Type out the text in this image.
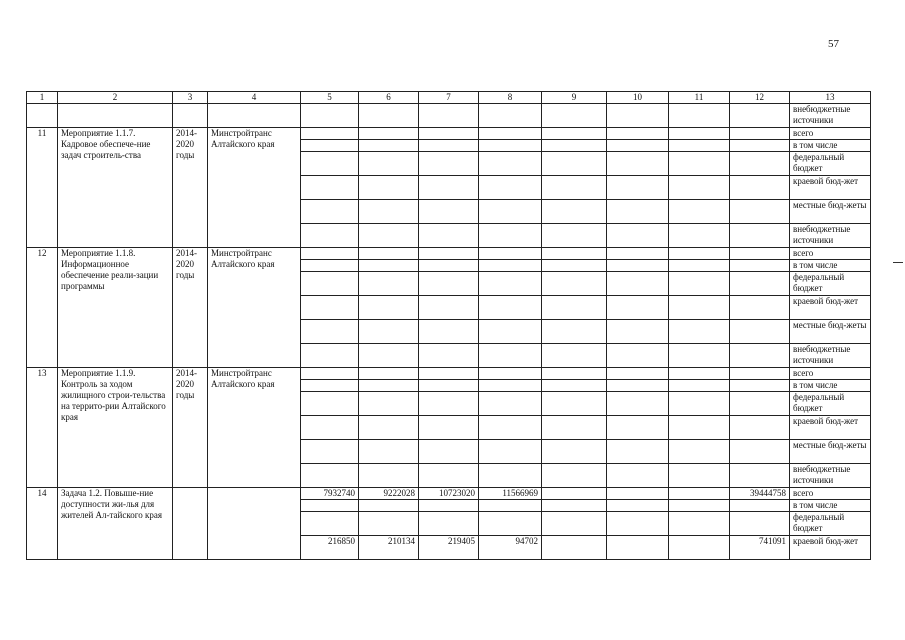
57
1	2	3	4	5	6	7	8	9	10	11	12	13
												внебюджетные источники
11	Мероприятие 1.1.7. Кадровое обеспече-ние задач строитель-ства	2014-2020 годы	Минстройтранс Алтайского края									всего
												в том числе
												федеральный бюджет
												краевой бюд-жет
												местные бюд-жеты
												внебюджетные источники
12	Мероприятие 1.1.8. Информационное обеспечение реали-зации программы	2014-2020 годы	Минстройтранс Алтайского края									всего
												в том числе
												федеральный бюджет
												краевой бюд-жет
												местные бюд-жеты
												внебюджетные источники
13	Мероприятие 1.1.9. Контроль за ходом жилищного строи-тельства на террито-рии Алтайского края	2014-2020 годы	Минстройтранс Алтайского края									всего
												в том числе
												федеральный бюджет
												краевой бюд-жет
												местные бюд-жеты
												внебюджетные источники
14	Задача 1.2. Повыше-ние доступности жи-лья для жителей Ал-тайского края			7932740	9222028	10723020	11566969				39444758	всего
												в том числе
												федеральный бюджет
				216850	210134	219405	94702				741091	краевой бюд-жет
